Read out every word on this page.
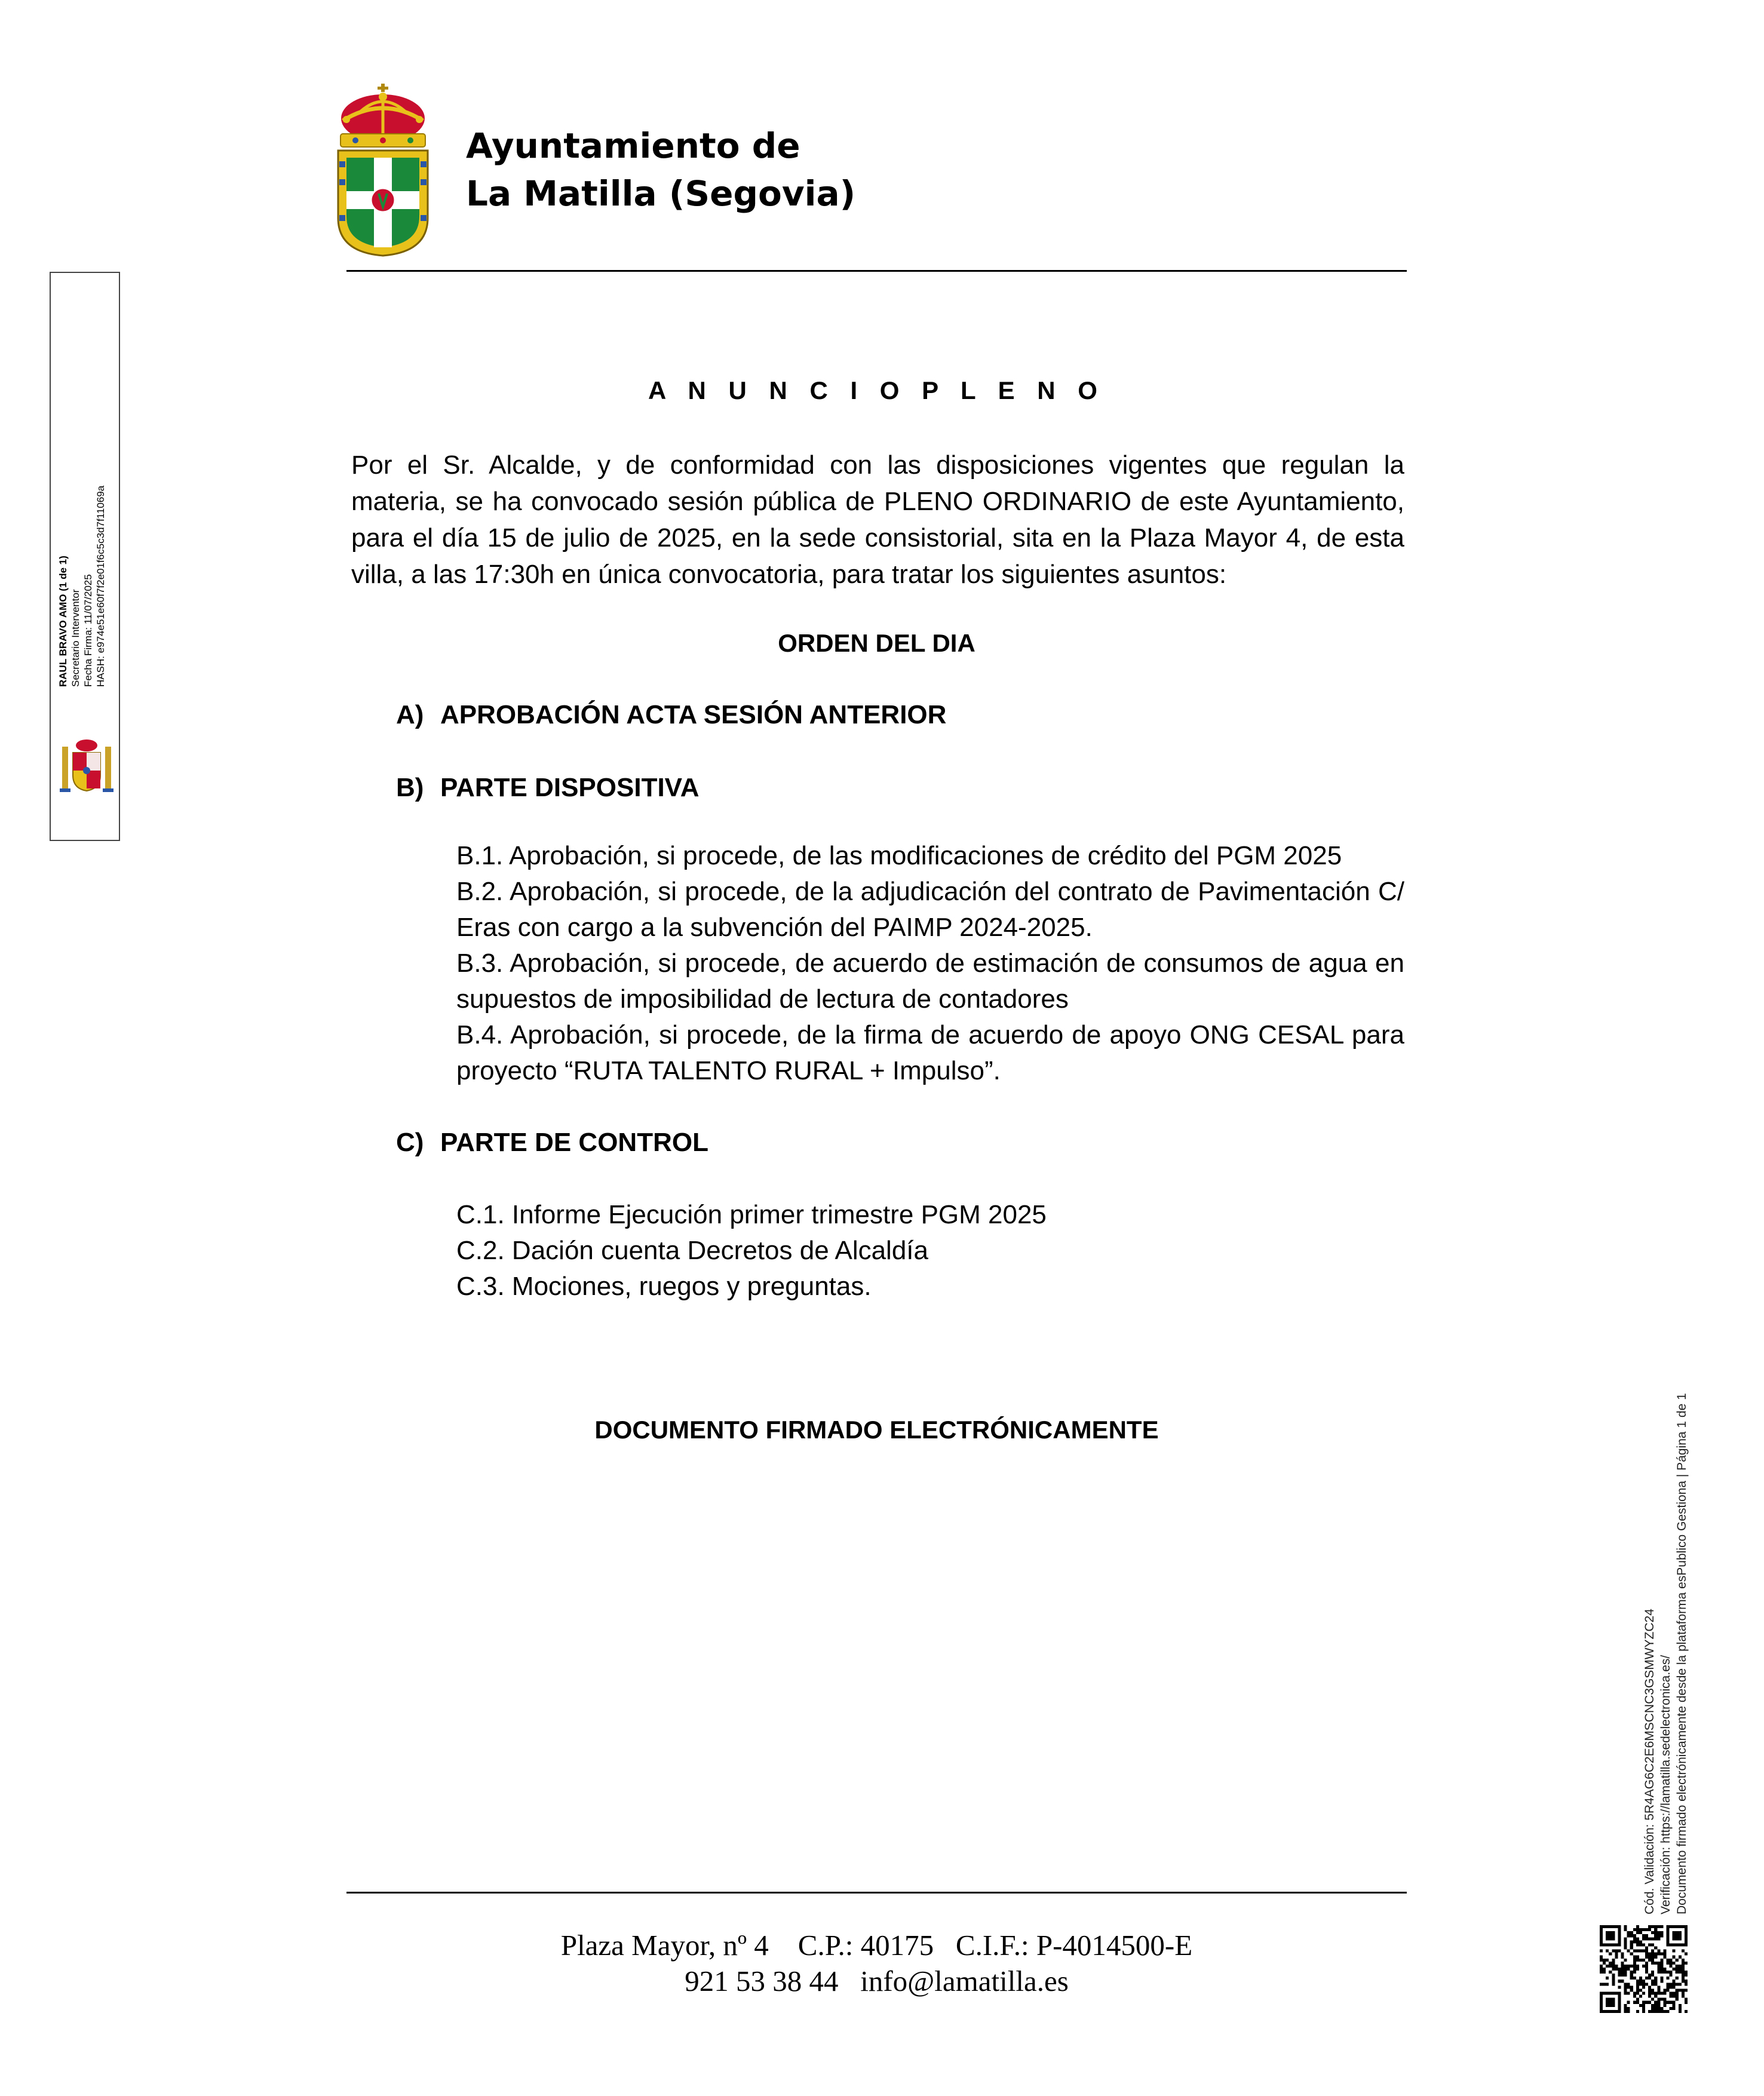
Ayuntamiento de
La Matilla (Segovia)
A N U N C I O P L E N O

Por el Sr. Alcalde, y de conformidad con las disposiciones vigentes que regulan la materia, se ha convocado sesión pública de PLENO ORDINARIO de este Ayuntamiento, para el día 15 de julio de 2025, en la sede consistorial, sita en la Plaza Mayor 4, de esta villa, a las 17:30h en única convocatoria, para tratar los siguientes asuntos:

ORDEN DEL DIA
A) APROBACIÓN ACTA SESIÓN ANTERIOR
B) PARTE DISPOSITIVA
B.1. Aprobación, si procede, de las modificaciones de crédito del PGM 2025
B.2. Aprobación, si procede, de la adjudicación del contrato de Pavimentación C/ Eras con cargo a la subvención del PAIMP 2024-2025.
B.3. Aprobación, si procede, de acuerdo de estimación de consumos de agua en supuestos de imposibilidad de lectura de contadores
B.4. Aprobación, si procede, de la firma de acuerdo de apoyo ONG CESAL para proyecto “RUTA TALENTO RURAL + Impulso”.
C) PARTE DE CONTROL
C.1. Informe Ejecución primer trimestre PGM 2025
C.2. Dación cuenta Decretos de Alcaldía
C.3. Mociones, ruegos y preguntas.
DOCUMENTO FIRMADO ELECTRÓNICAMENTE
Plaza Mayor, nº 4    C.P.: 40175   C.I.F.: P-4014500-E
921 53 38 44   info@lamatilla.es
RAUL BRAVO AMO (1 de 1) Secretario Interventor Fecha Firma: 11/07/2025 HASH: e974e51e60f7f2e01f6c5c3d7f11069a
Cód. Validación: 5R4AG6C2E6MSCNC3GSMWYZC24 Verificación: https://lamatilla.sedelectronica.es/ Documento firmado electrónicamente desde la plataforma esPublico Gestiona | Página 1 de 1
